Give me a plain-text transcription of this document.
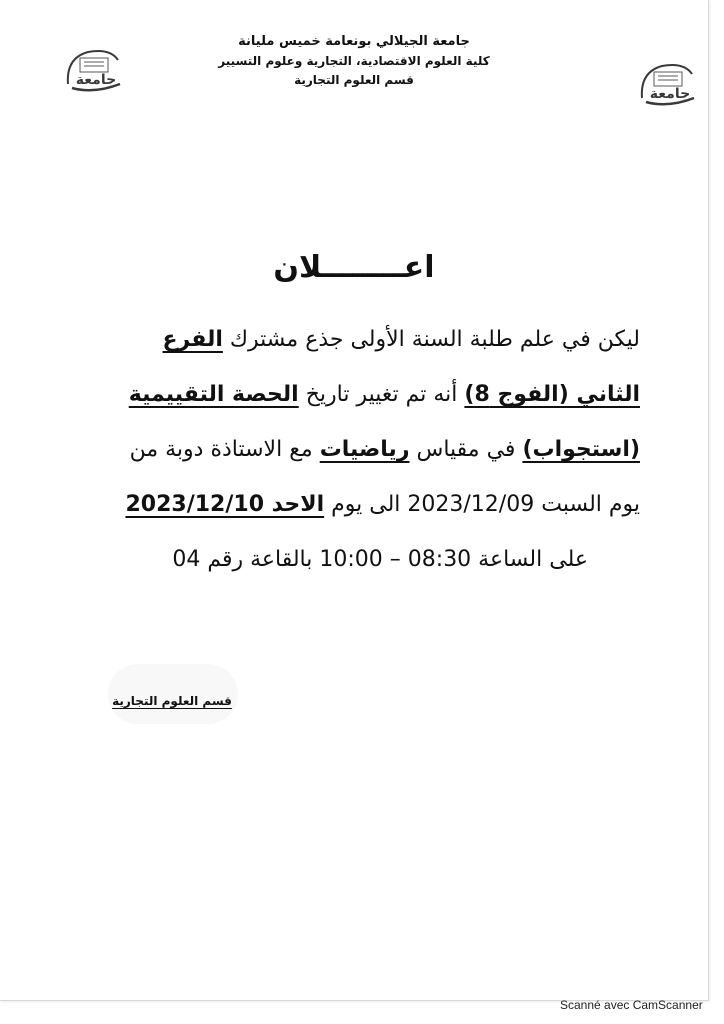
جامعة
جامعة
جامعة الجيلالي بونعامة خميس مليانة
كلية العلوم الاقتصادية، التجارية وعلوم التسيير
قسم العلوم التجارية
اعــــــــلان
ليكن في علم طلبة السنة الأولى جذع مشترك الفرع
الثاني (الفوج 8) أنه تم تغيير تاريخ الحصة التقييمية
(استجواب) في مقياس رياضيات مع الاستاذة دوبة من
يوم السبت 2023/12/09 الى يوم الاحد 2023/12/10
على الساعة 08:30 – 10:00 بالقاعة رقم 04
قسم العلوم التجارية
Scanné avec CamScanner
